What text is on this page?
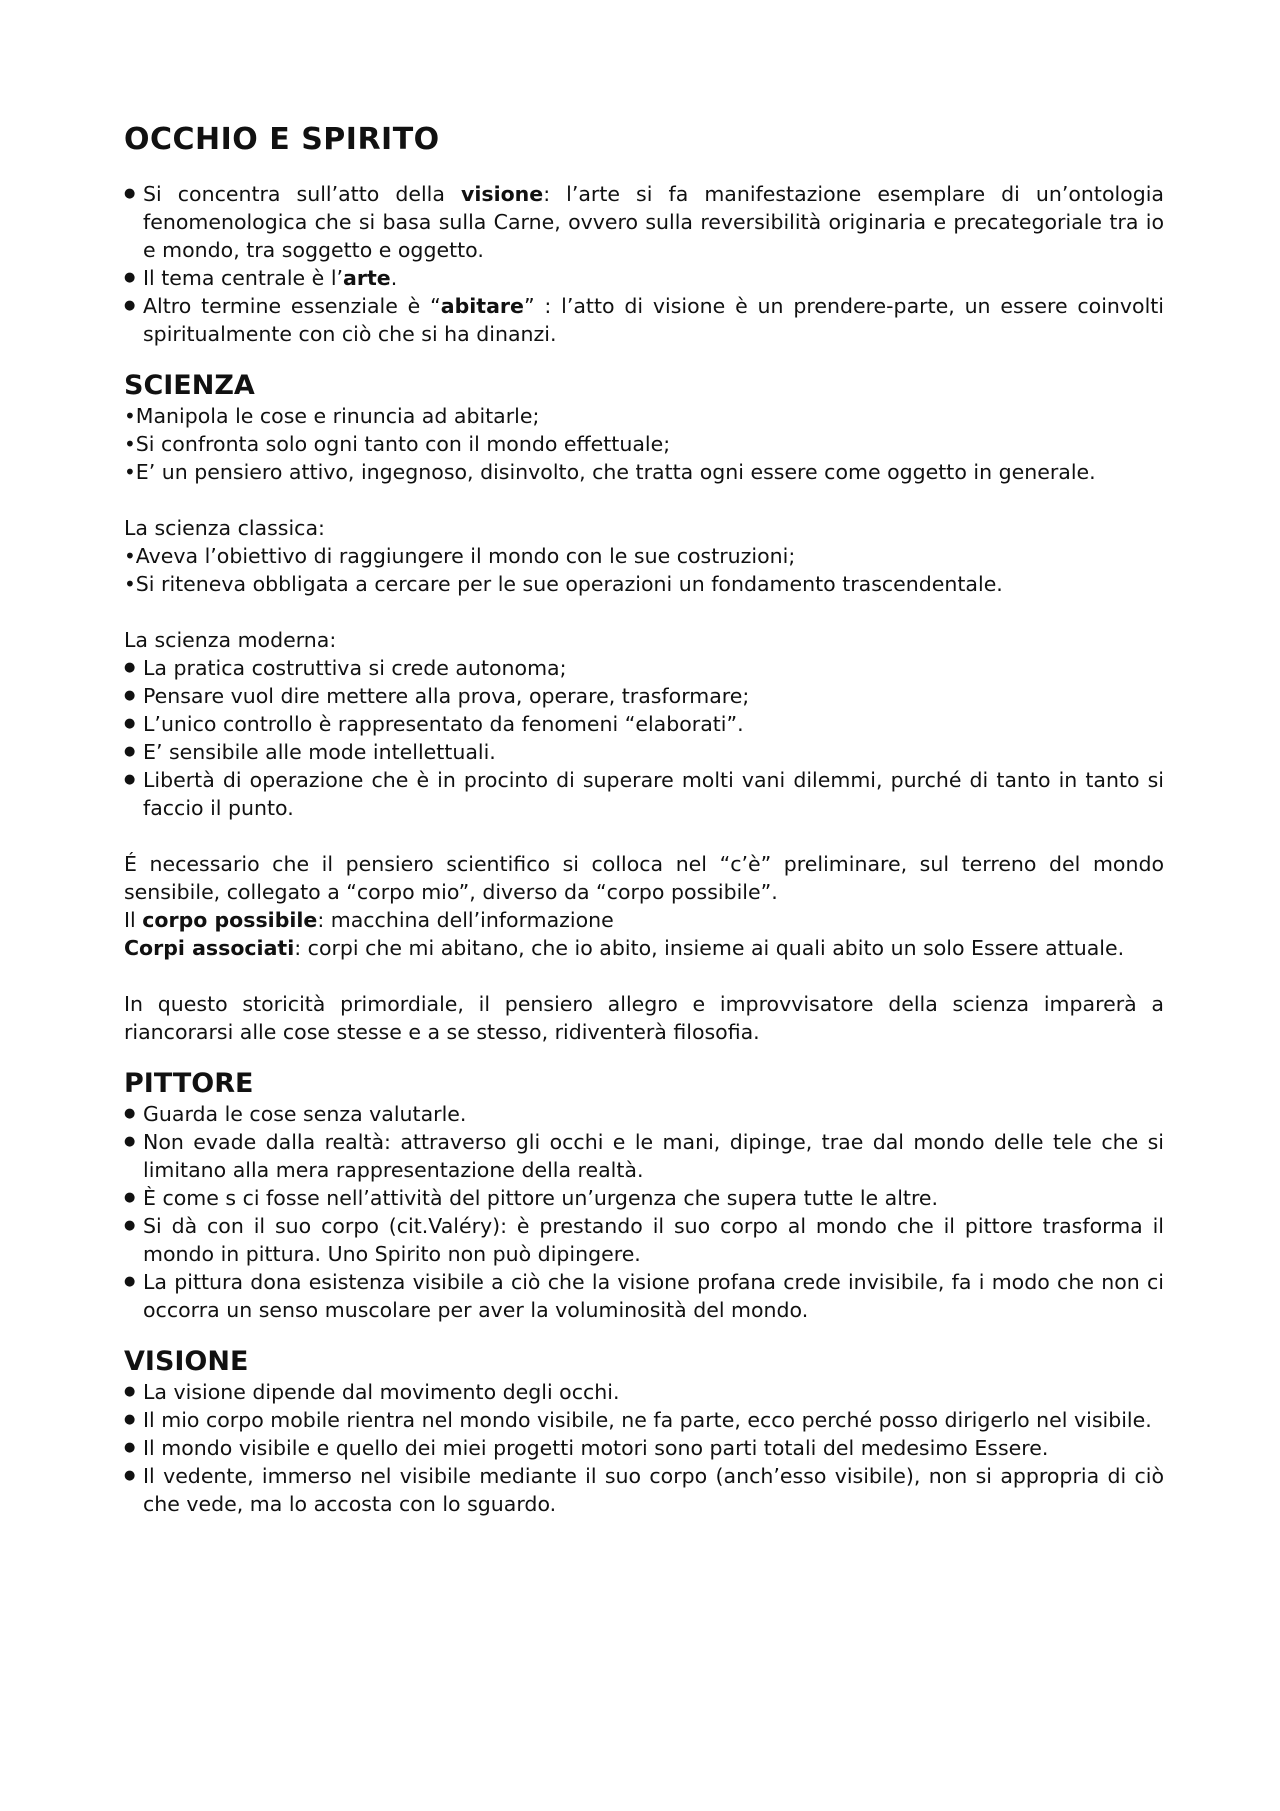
OCCHIO E SPIRITO
● Si concentra sull’atto della visione: l’arte si fa manifestazione esemplare di un’ontologia fenomenologica che si basa sulla Carne, ovvero sulla reversibilità originaria e precategoriale tra io e mondo, tra soggetto e oggetto.
● Il tema centrale è l’arte.
● Altro termine essenziale è “abitare” : l’atto di visione è un prendere-parte, un essere coinvolti spiritualmente con ciò che si ha dinanzi.
SCIENZA
• Manipola le cose e rinuncia ad abitarle;
• Si confronta solo ogni tanto con il mondo effettuale;
• E’ un pensiero attivo, ingegnoso, disinvolto, che tratta ogni essere come oggetto in generale.

La scienza classica:

• Aveva l’obiettivo di raggiungere il mondo con le sue costruzioni;
• Si riteneva obbligata a cercare per le sue operazioni un fondamento trascendentale.

La scienza moderna:

● La pratica costruttiva si crede autonoma;
● Pensare vuol dire mettere alla prova, operare, trasformare;
● L’unico controllo è rappresentato da fenomeni “elaborati”.
● E’ sensibile alle mode intellettuali.
● Libertà di operazione che è in procinto di superare molti vani dilemmi, purché di tanto in tanto si faccio il punto.

É necessario che il pensiero scientifico si colloca nel “c’è” preliminare, sul terreno del mondo sensibile, collegato a “corpo mio”, diverso da “corpo possibile”.

Il corpo possibile: macchina dell’informazione

Corpi associati: corpi che mi abitano, che io abito, insieme ai quali abito un solo Essere attuale.

In questo storicità primordiale, il pensiero allegro e improvvisatore della scienza imparerà a riancorarsi alle cose stesse e a se stesso, ridiventerà filosofia.

PITTORE
● Guarda le cose senza valutarle.
● Non evade dalla realtà: attraverso gli occhi e le mani, dipinge, trae dal mondo delle tele che si limitano alla mera rappresentazione della realtà.
● È come s ci fosse nell’attività del pittore un’urgenza che supera tutte le altre.
● Si dà con il suo corpo (cit.Valéry): è prestando il suo corpo al mondo che il pittore trasforma il mondo in pittura. Uno Spirito non può dipingere.
● La pittura dona esistenza visibile a ciò che la visione profana crede invisibile, fa i modo che non ci occorra un senso muscolare per aver la voluminosità del mondo.
VISIONE
● La visione dipende dal movimento degli occhi.
● Il mio corpo mobile rientra nel mondo visibile, ne fa parte, ecco perché posso dirigerlo nel visibile.
● Il mondo visibile e quello dei miei progetti motori sono parti totali del medesimo Essere.
● Il vedente, immerso nel visibile mediante il suo corpo (anch’esso visibile), non si appropria di ciò che vede, ma lo accosta con lo sguardo.
